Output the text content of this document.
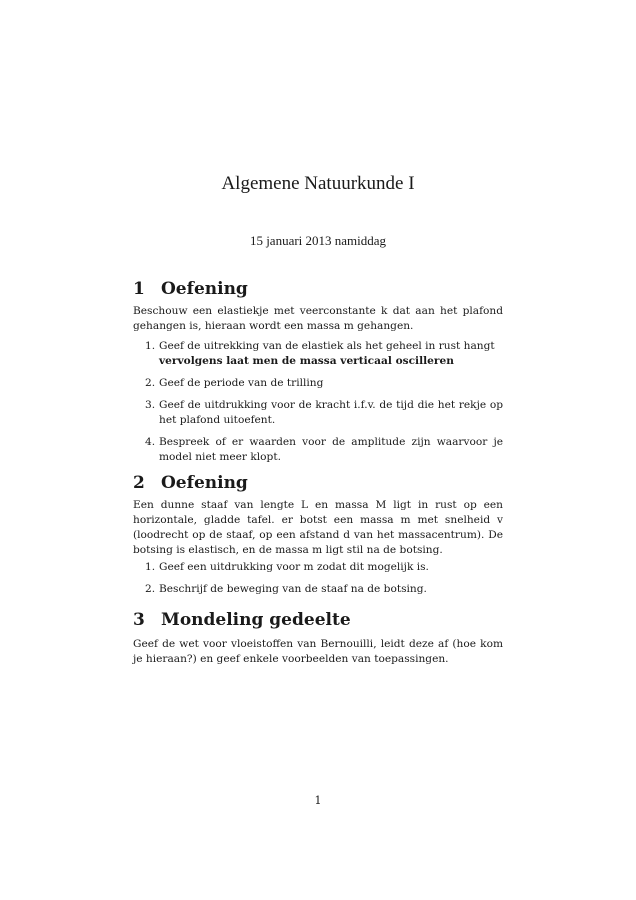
Algemene Natuurkunde I
15 januari 2013 namiddag
1 Oefening

Beschouw een elastiekje met veerconstante k dat aan het plafond gehangen is, hieraan wordt een massa m gehangen.

1. Geef de uitrekking van de elastiek als het geheel in rust hangt
vervolgens laat men de massa verticaal oscilleren
2. Geef de periode van de trilling
3. Geef de uitdrukking voor de kracht i.f.v. de tijd die het rekje op het plafond uitoefent.
4. Bespreek of er waarden voor de amplitude zijn waarvoor je model niet meer klopt.
2 Oefening

Een dunne staaf van lengte L en massa M ligt in rust op een horizontale, gladde tafel. er botst een massa m met snelheid v (loodrecht op de staaf, op een afstand d van het massacentrum). De botsing is elastisch, en de massa m ligt stil na de botsing.

1. Geef een uitdrukking voor m zodat dit mogelijk is.
2. Beschrijf de beweging van de staaf na de botsing.
3 Mondeling gedeelte

Geef de wet voor vloeistoffen van Bernouilli, leidt deze af (hoe kom je hieraan?) en geef enkele voorbeelden van toepassingen.

1
